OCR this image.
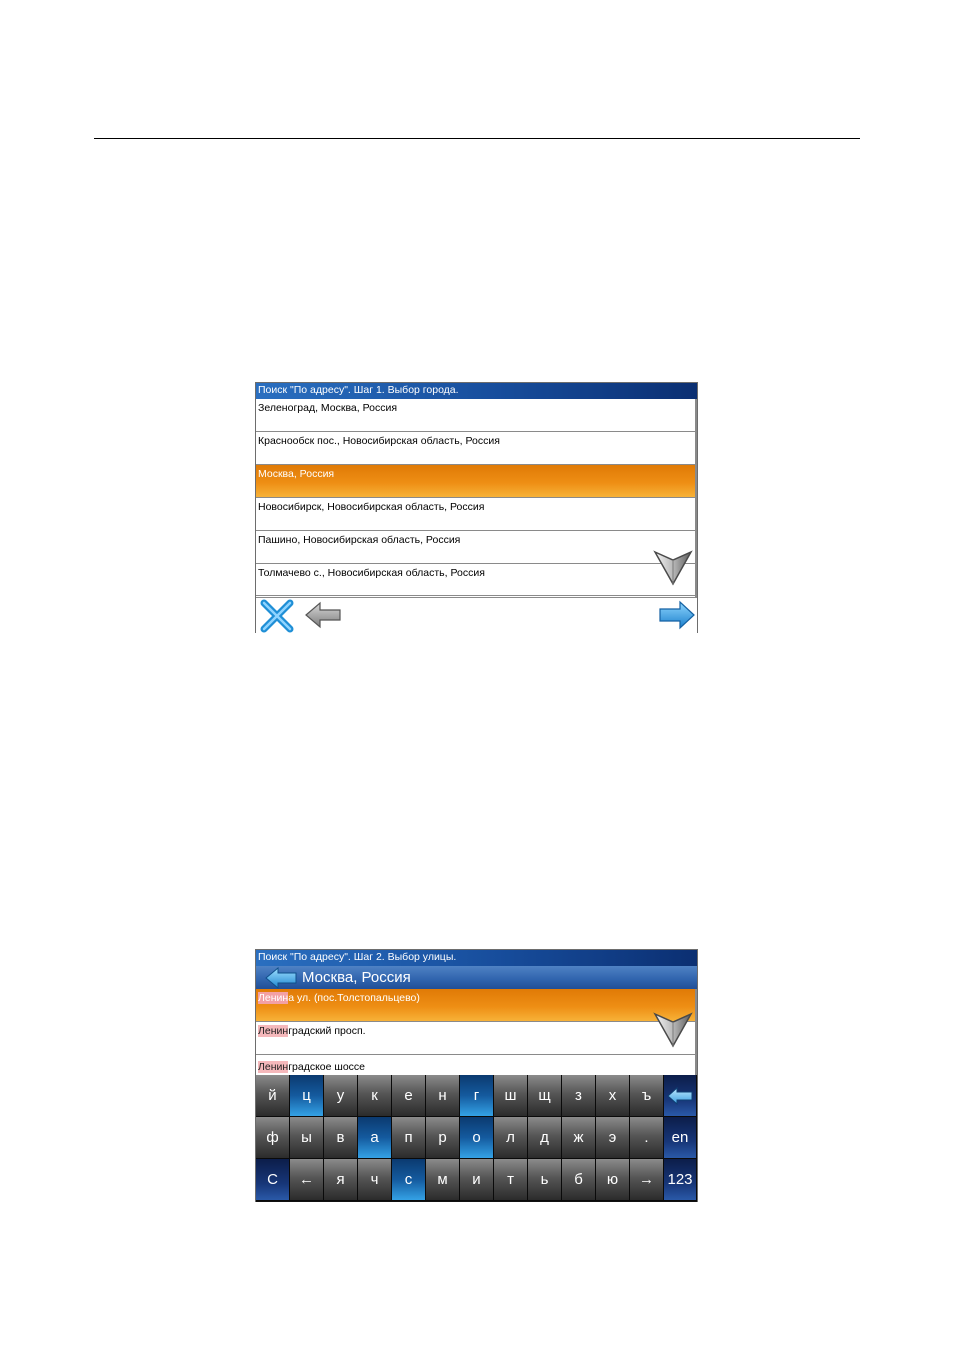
Поиск "По адресу". Шаг 1. Выбор города.
Зеленоград, Москва, Россия
Краснообск пос., Новосибирская область, Россия
Москва, Россия
Новосибирск, Новосибирская область, Россия
Пашино, Новосибирская область, Россия
Толмачево с., Новосибирская область, Россия
Поиск "По адресу". Шаг 2. Выбор улицы.
Москва, Россия
Ленина ул. (пос.Толстопальцево)
Ленинградский просп.
Ленинградское шоссе
й	ц	у	к	е	н	г	ш	щ	з	х	ъ
ф	ы	в	а	п	р	о	л	д	ж	э	.	en
С	←	я	ч	с	м	и	т	ь	б	ю	→ 123
